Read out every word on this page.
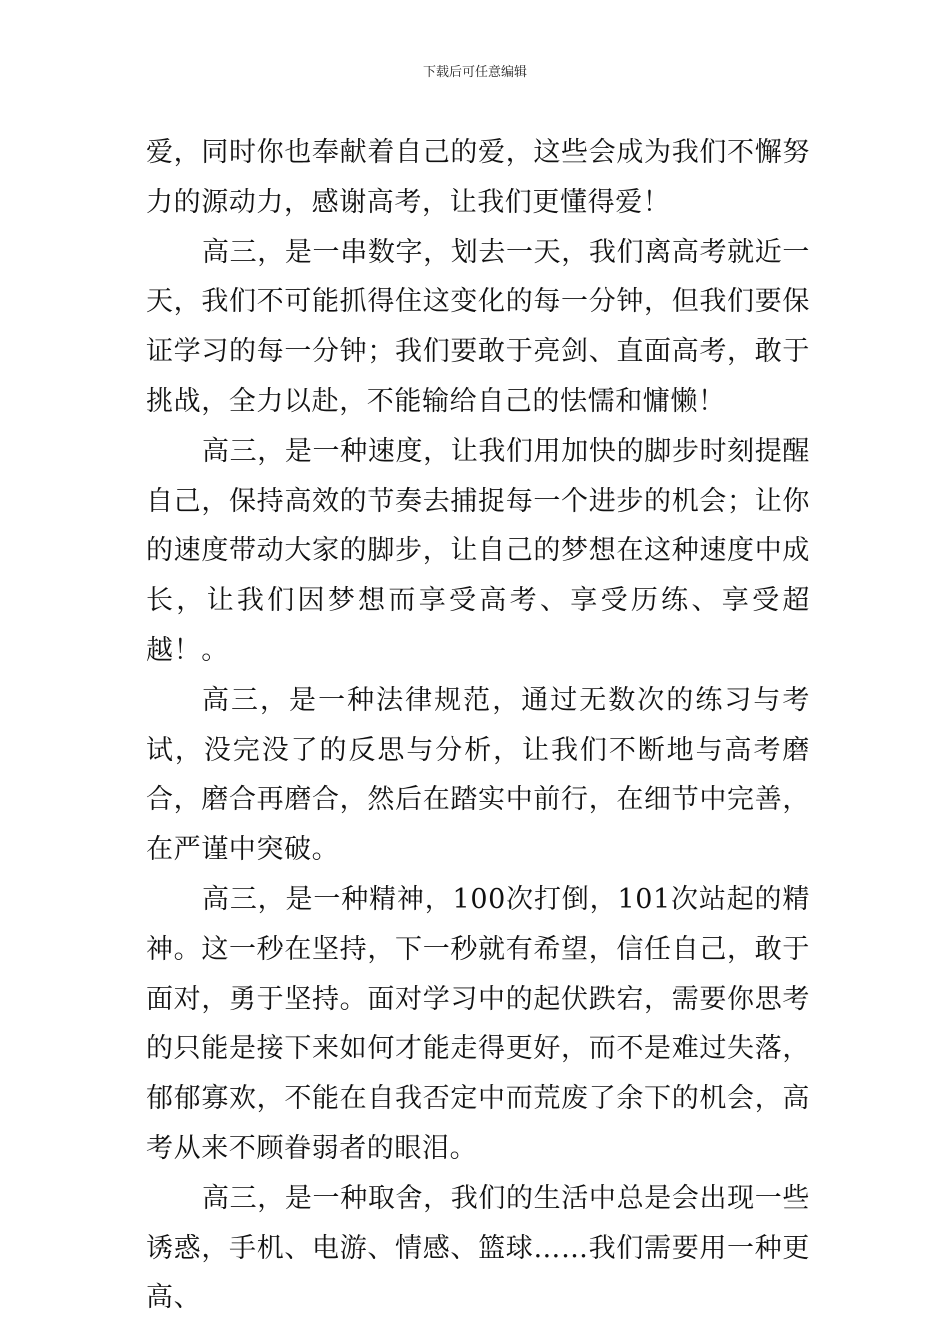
下载后可任意编辑

爱，同时你也奉献着自己的爱，这些会成为我们不懈努力的源动力，感谢高考，让我们更懂得爱！

高三，是一串数字，划去一天，我们离高考就近一天，我们不可能抓得住这变化的每一分钟，但我们要保证学习的每一分钟；我们要敢于亮剑、直面高考，敢于挑战，全力以赴，不能输给自己的怯懦和慵懒！

高三，是一种速度，让我们用加快的脚步时刻提醒自己，保持高效的节奏去捕捉每一个进步的机会；让你的速度带动大家的脚步，让自己的梦想在这种速度中成长，让我们因梦想而享受高考、享受历练、享受超越！。

高三，是一种法律规范，通过无数次的练习与考试，没完没了的反思与分析，让我们不断地与高考磨合，磨合再磨合，然后在踏实中前行，在细节中完善，在严谨中突破。

高三，是一种精神，100次打倒，101次站起的精神。这一秒在坚持，下一秒就有希望，信任自己，敢于面对，勇于坚持。面对学习中的起伏跌宕，需要你思考的只能是接下来如何才能走得更好，而不是难过失落，郁郁寡欢，不能在自我否定中而荒废了余下的机会，高考从来不顾眷弱者的眼泪。

高三，是一种取舍，我们的生活中总是会出现一些诱惑，手机、电游、情感、篮球……我们需要用一种更高、
